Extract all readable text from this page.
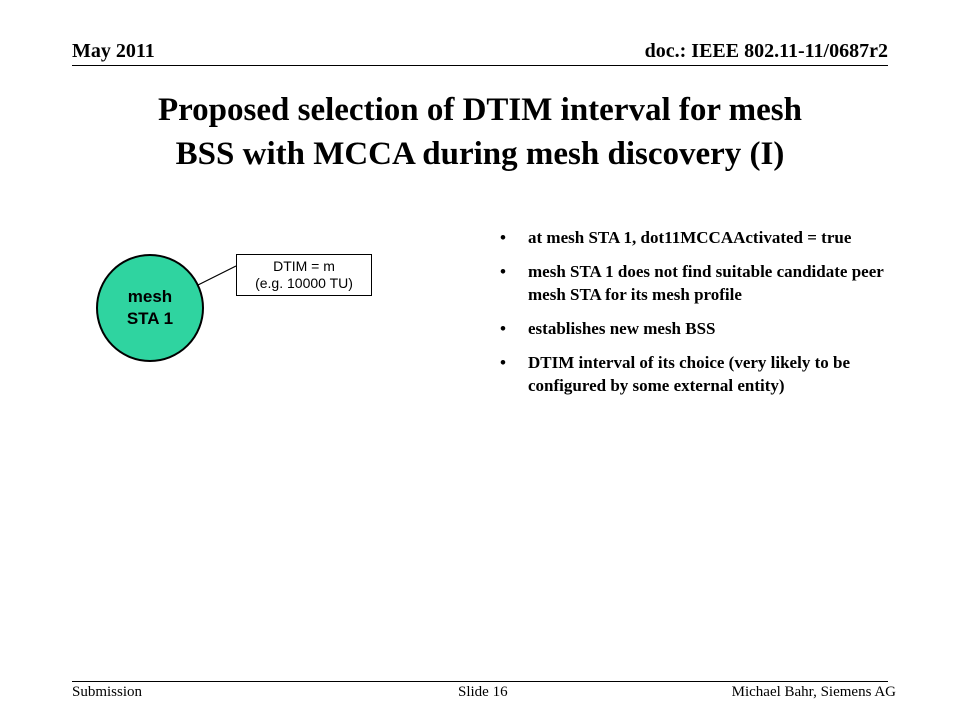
May 2011	doc.: IEEE 802.11-11/0687r2
Proposed selection of DTIM interval for mesh
BSS with MCCA during mesh discovery (I)
mesh
STA 1
DTIM = m
(e.g. 10000 TU)
• at mesh STA 1, dot11MCCAActivated = true
• mesh STA 1 does not find suitable candidate peer mesh STA for its mesh profile
• establishes new mesh BSS
• DTIM interval of its choice (very likely to be configured by some external entity)
Submission	Slide 16	Michael Bahr, Siemens AG
